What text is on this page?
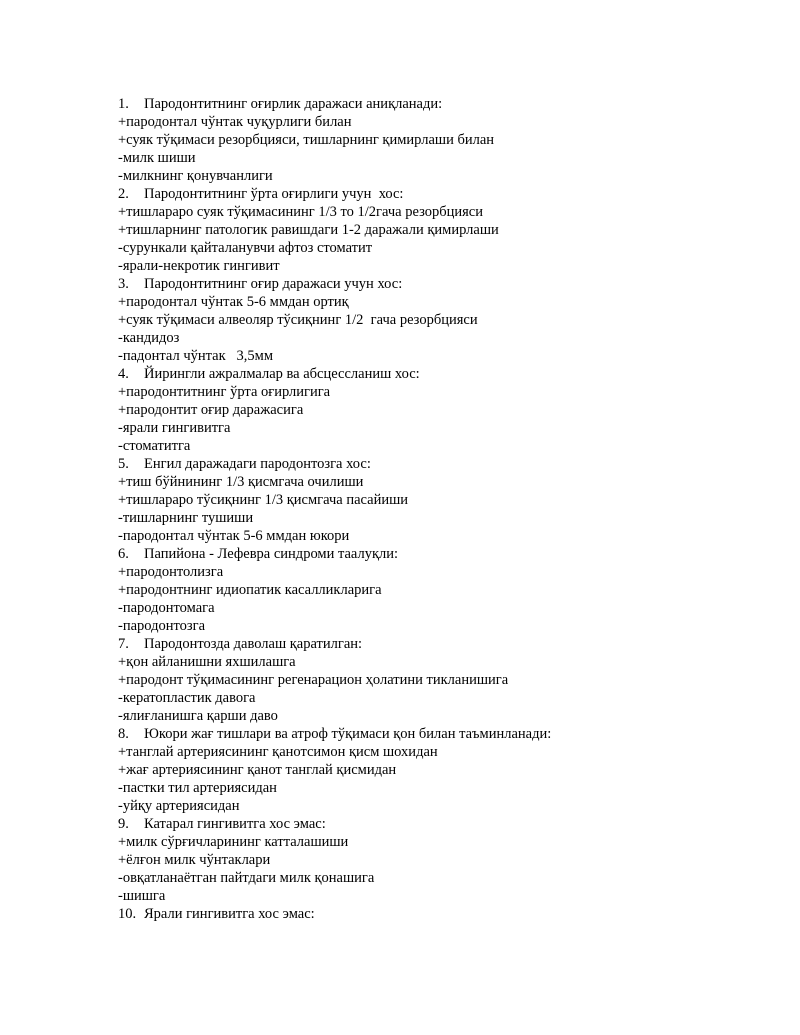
1. Пародонтитнинг оғирлик даражаси аниқланади:
+пародонтал чўнтак чуқурлиги билан
+суяк тўқимаси резорбцияси, тишларнинг қимирлаши билан
-милк шиши
-милкнинг қонувчанлиги
2. Пародонтитнинг ўрта оғирлиги учун  хос:
+тишлараро суяк тўқимасининг 1/3 то 1/2гача резорбцияси
+тишларнинг патологик равишдаги 1-2 даражали қимирлаши
-сурункали қайталанувчи афтоз стоматит
-ярали-некротик гингивит
3. Пародонтитнинг оғир даражаси учун хос:
+пародонтал чўнтак 5-6 ммдан ортиқ
+суяк тўқимаси алвеоляр тўсиқнинг 1/2  гача резорбцияси
-кандидоз
-падонтал чўнтак   3,5мм
4. Йирингли ажралмалар ва абсцессланиш хос:
+пародонтитнинг ўрта оғирлигига
+пародонтит оғир даражасига
-ярали гингивитга
-стоматитга
5. Енгил даражадаги пародонтозга хос:
+тиш бўйнининг 1/3 қисмгача очилиши
+тишлараро тўсиқнинг 1/3 қисмгача пасайиши
-тишларнинг тушиши
-пародонтал чўнтак 5-6 ммдан юкори
6. Папийона - Лефевра синдроми таалуқли:
+пародонтолизга
+пародонтнинг идиопатик касалликларига
-пародонтомага
-пародонтозга
7. Пародонтозда даволаш қаратилган:
+қон айланишни яхшилашга
+пародонт тўқимасининг регенарацион ҳолатини тикланишига
-кератопластик давога
-ялиғланишга қарши даво
8. Юкори жағ тишлари ва атроф тўқимаси қон билан таъминланади:
+танглай артериясининг қанотсимон қисм шохидан
+жағ артериясининг қанот танглай қисмидан
-пастки тил артериясидан
-уйқу артериясидан
9. Катарал гингивитга хос эмас:
+милк сўрғичларининг катталашиши
+ёлғон милк чўнтаклари
-овқатланаётган пайтдаги милк қонашига
-шишга
10. Ярали гингивитга хос эмас:
